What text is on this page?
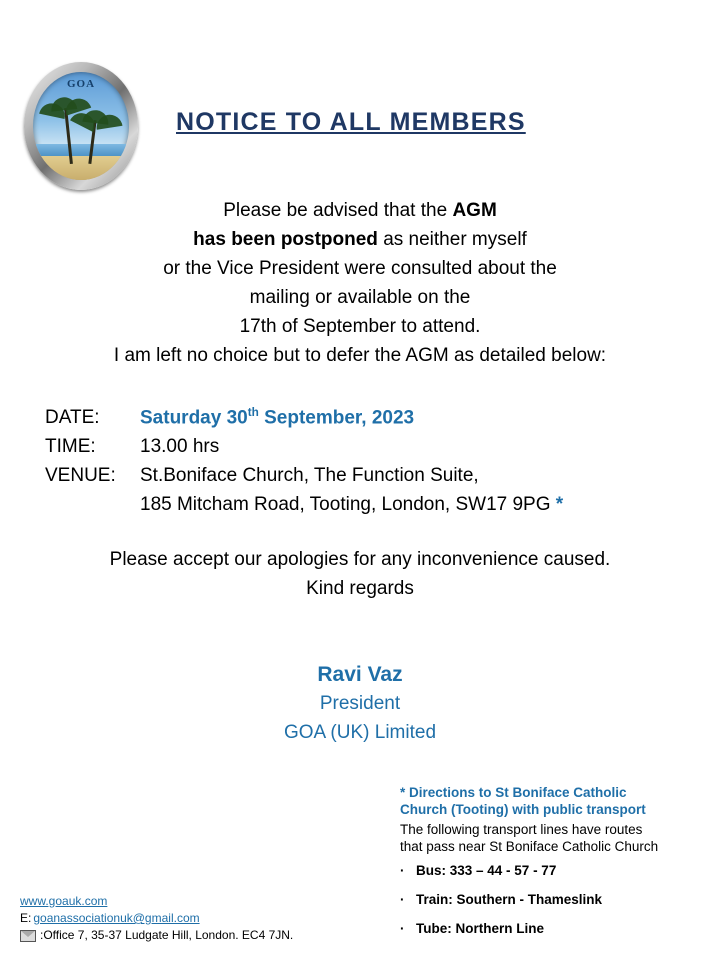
GOA
NOTICE TO ALL MEMBERS
Please be advised that the AGM
has been postponed as neither myself
or the Vice President were consulted about the
mailing or available on the
17th of September to attend.
I am left no choice but to defer the AGM as detailed below:
DATE:	Saturday 30th September, 2023
TIME:	13.00 hrs
VENUE:	St.Boniface Church, The Function Suite,
185 Mitcham Road, Tooting, London, SW17 9PG *
Please accept our apologies for any inconvenience caused.
Kind regards
Ravi Vaz
President
GOA (UK) Limited
* Directions to St Boniface Catholic
Church (Tooting) with public transport
The following transport lines have routes
that pass near St Boniface Catholic Church
· Bus: 333 – 44 - 57 - 77
· Train: Southern - Thameslink
· Tube: Northern Line
www.goauk.com
E: goanassociationuk@gmail.com
:Office 7, 35-37 Ludgate Hill, London. EC4 7JN.
